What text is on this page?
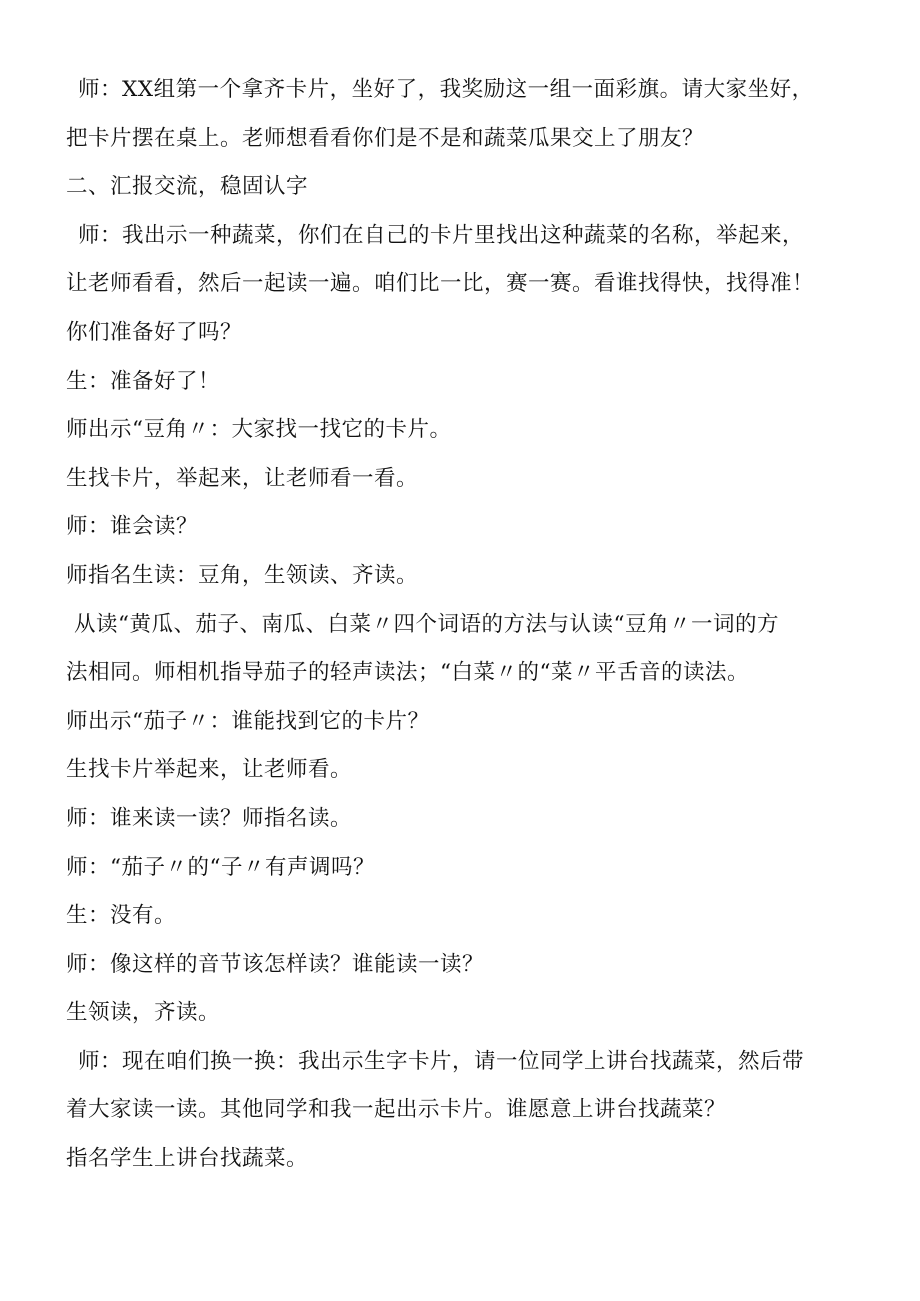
师：XX组第一个拿齐卡片，坐好了，我奖励这一组一面彩旗。请大家坐好，

把卡片摆在桌上。老师想看看你们是不是和蔬菜瓜果交上了朋友？

二、汇报交流，稳固认字

师：我出示一种蔬菜，你们在自己的卡片里找出这种蔬菜的名称，举起来，

让老师看看，然后一起读一遍。咱们比一比，赛一赛。看谁找得快，找得准！

你们准备好了吗？

生：准备好了！

师出示“豆角〃：大家找一找它的卡片。

生找卡片，举起来，让老师看一看。

师：谁会读？

师指名生读：豆角，生领读、齐读。

从读“黄瓜、茄子、南瓜、白菜〃四个词语的方法与认读“豆角〃一词的方

法相同。师相机指导茄子的轻声读法；“白菜〃的“菜〃平舌音的读法。

师出示“茄子〃：谁能找到它的卡片？

生找卡片举起来，让老师看。

师：谁来读一读？师指名读。

师：“茄子〃的“子〃有声调吗？

生：没有。

师：像这样的音节该怎样读？谁能读一读？

生领读，齐读。

师：现在咱们换一换：我出示生字卡片，请一位同学上讲台找蔬菜，然后带

着大家读一读。其他同学和我一起出示卡片。谁愿意上讲台找蔬菜？

指名学生上讲台找蔬菜。
